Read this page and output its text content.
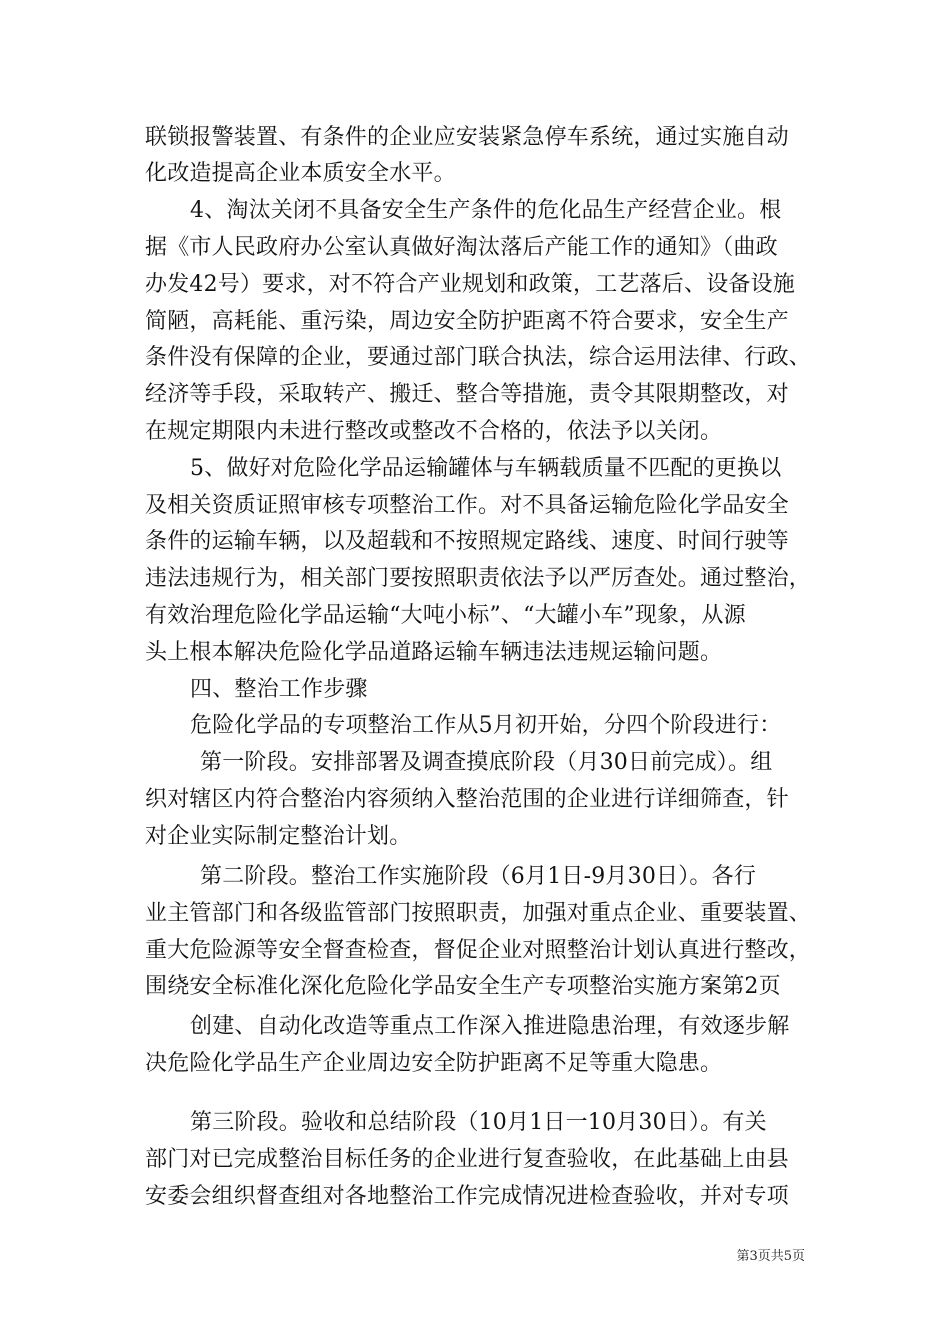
联锁报警装置、有条件的企业应安装紧急停车系统，通过实施自动
化改造提高企业本质安全水平。
4、淘汰关闭不具备安全生产条件的危化品生产经营企业。根
据《市人民政府办公室认真做好淘汰落后产能工作的通知》（曲政
办发42号）要求，对不符合产业规划和政策，工艺落后、设备设施
简陋，高耗能、重污染，周边安全防护距离不符合要求，安全生产
条件没有保障的企业，要通过部门联合执法，综合运用法律、行政、
经济等手段，采取转产、搬迁、整合等措施，责令其限期整改，对
在规定期限内未进行整改或整改不合格的，依法予以关闭。
5、做好对危险化学品运输罐体与车辆载质量不匹配的更换以
及相关资质证照审核专项整治工作。对不具备运输危险化学品安全
条件的运输车辆，以及超载和不按照规定路线、速度、时间行驶等
违法违规行为，相关部门要按照职责依法予以严厉查处。通过整治，
有效治理危险化学品运输“大吨小标”、“大罐小车”现象，从源
头上根本解决危险化学品道路运输车辆违法违规运输问题。
四、整治工作步骤
危险化学品的专项整治工作从5月初开始，分四个阶段进行：
第一阶段。安排部署及调查摸底阶段（月30日前完成）。组
织对辖区内符合整治内容须纳入整治范围的企业进行详细筛查，针
对企业实际制定整治计划。
第二阶段。整治工作实施阶段（6月1日-9月30日）。各行
业主管部门和各级监管部门按照职责，加强对重点企业、重要装置、
重大危险源等安全督查检查，督促企业对照整治计划认真进行整改，
围绕安全标准化深化危险化学品安全生产专项整治实施方案第2页
创建、自动化改造等重点工作深入推进隐患治理，有效逐步解
决危险化学品生产企业周边安全防护距离不足等重大隐患。
第三阶段。验收和总结阶段（10月1日一10月30日）。有关
部门对已完成整治目标任务的企业进行复查验收，在此基础上由县
安委会组织督查组对各地整治工作完成情况进检查验收，并对专项
第3页共5页
